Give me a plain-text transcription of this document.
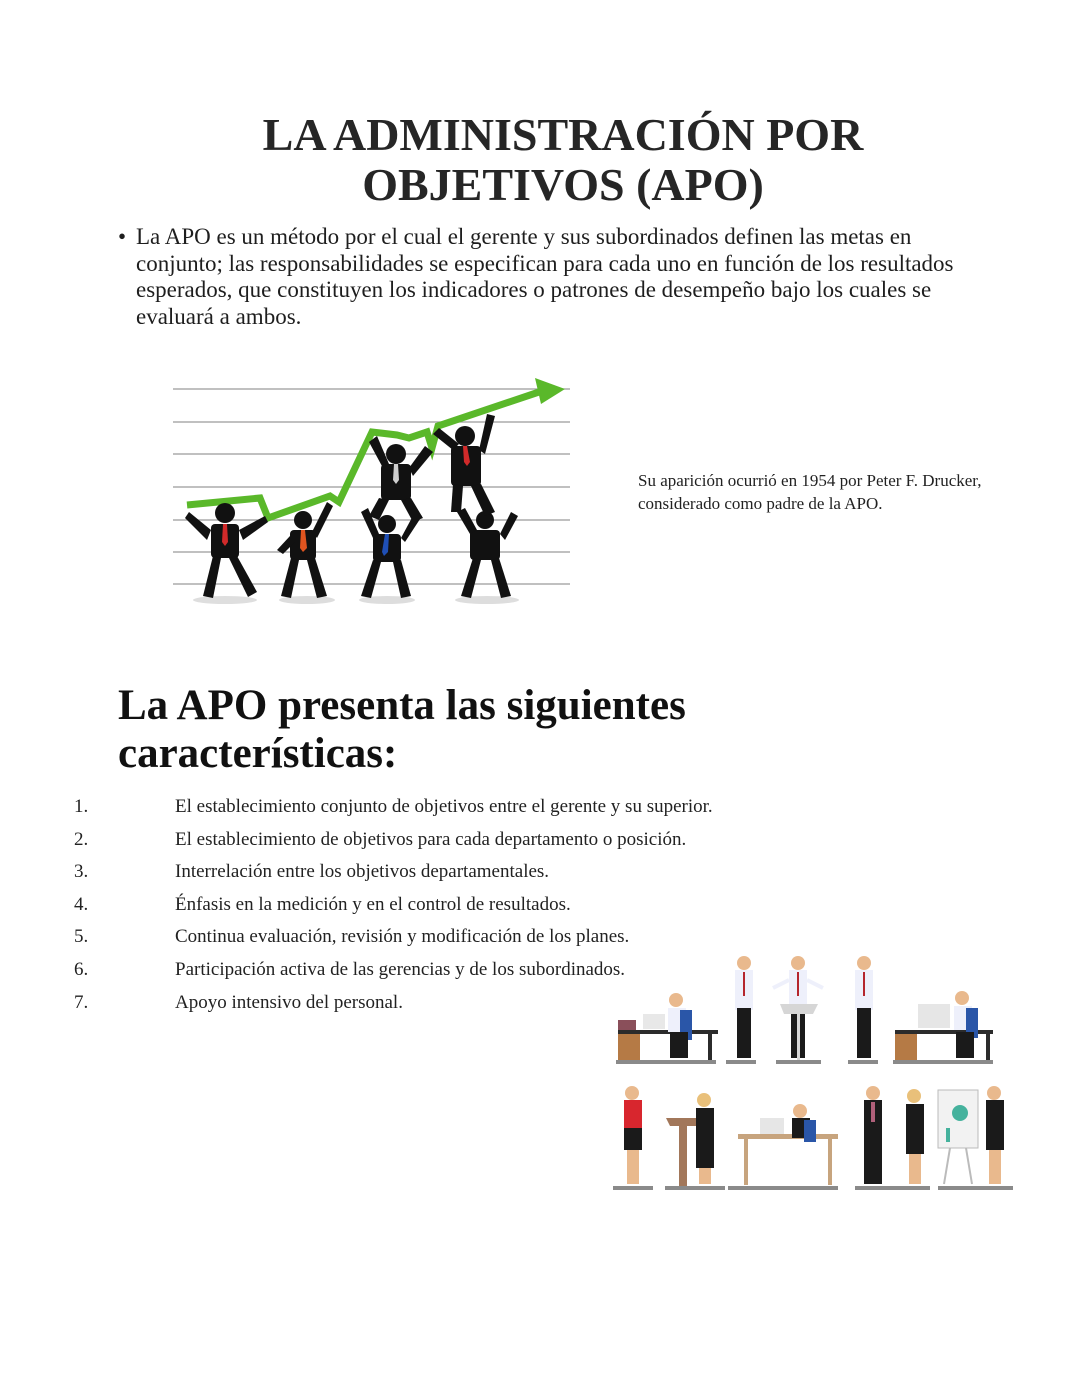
LA ADMINISTRACIÓN POR
OBJETIVOS (APO)
• La APO es un método por el cual el gerente y sus subordinados definen las metas en conjunto; las responsabilidades se especifican para cada uno en función de los resultados esperados, que constituyen los indicadores o patrones de desempeño bajo los cuales se evaluará a ambos.
Su aparición ocurrió en 1954 por Peter F. Drucker, considerado como padre de la APO.
La APO presenta las siguientes
características:
1.	El establecimiento conjunto de objetivos entre el gerente y su superior.
2.	El establecimiento de objetivos para cada departamento o posición.
3.	Interrelación entre los objetivos departamentales.
4.	Énfasis en la medición y en el control de resultados.
5.	Continua evaluación, revisión y modificación de los planes.
6.	Participación activa de las gerencias y de los subordinados.
7.	Apoyo intensivo del personal.
